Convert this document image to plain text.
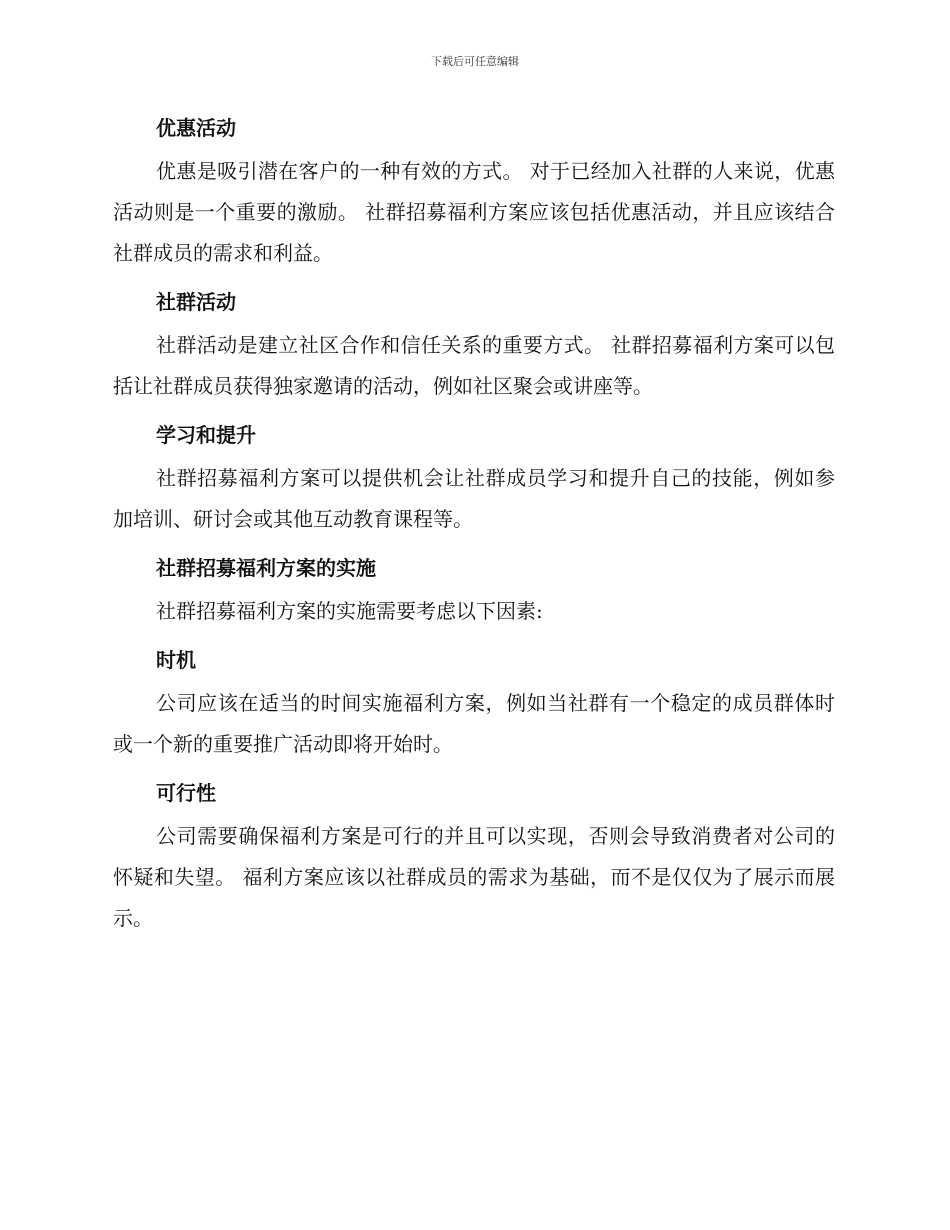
下载后可任意编辑
优惠活动

优惠是吸引潜在客户的一种有效的方式。 对于已经加入社群的人来说，优惠活动则是一个重要的激励。 社群招募福利方案应该包括优惠活动，并且应该结合社群成员的需求和利益。

社群活动

社群活动是建立社区合作和信任关系的重要方式。 社群招募福利方案可以包括让社群成员获得独家邀请的活动，例如社区聚会或讲座等。

学习和提升

社群招募福利方案可以提供机会让社群成员学习和提升自己的技能，例如参加培训、研讨会或其他互动教育课程等。

社群招募福利方案的实施

社群招募福利方案的实施需要考虑以下因素:

时机

公司应该在适当的时间实施福利方案，例如当社群有一个稳定的成员群体时或一个新的重要推广活动即将开始时。

可行性

公司需要确保福利方案是可行的并且可以实现，否则会导致消费者对公司的怀疑和失望。 福利方案应该以社群成员的需求为基础，而不是仅仅为了展示而展示。
